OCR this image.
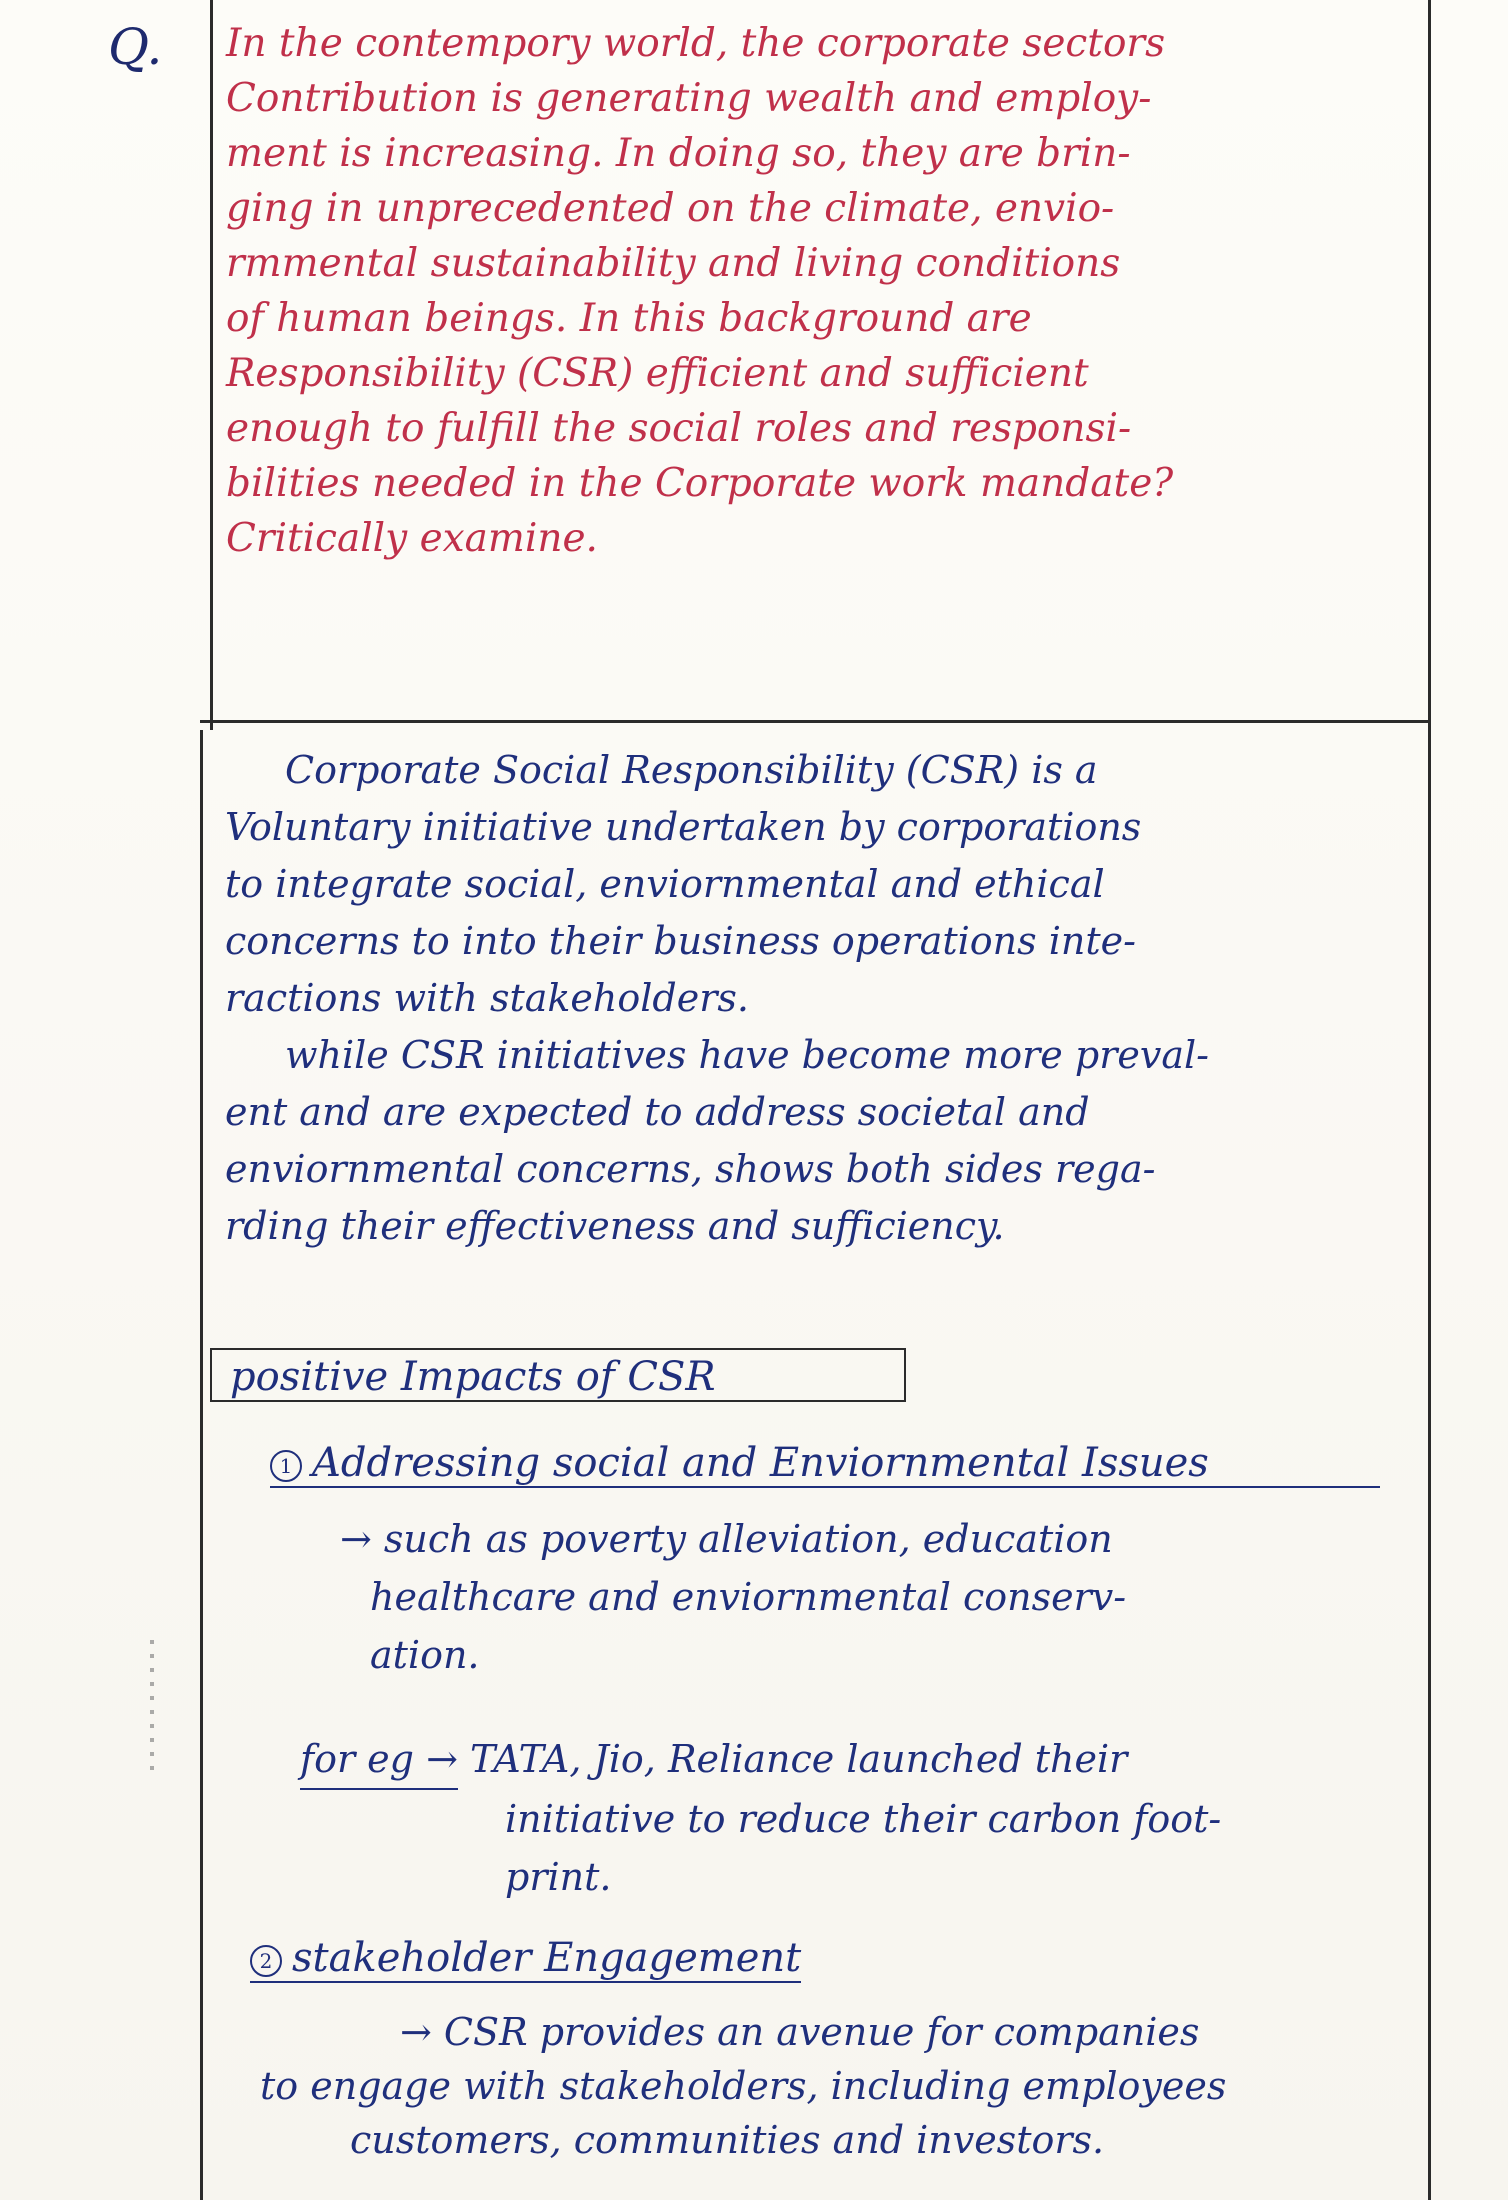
Q. In the contempory world, the corporate sectors
Contribution is generating wealth and employ-
ment is increasing. In doing so, they are brin-
ging in unprecedented on the climate, envio-
rmmental sustainability and living conditions
of human beings. In this background are
Responsibility (CSR) efficient and sufficient
enough to fulfill the social roles and responsi-
bilities needed in the Corporate work mandate?
Critically examine.
Corporate Social Responsibility (CSR) is a
Voluntary initiative undertaken by corporations
to integrate social, enviornmental and ethical
concerns to into their business operations inte-
ractions with stakeholders.
while CSR initiatives have become more preval-
ent and are expected to address societal and
enviornmental concerns, shows both sides rega-
rding their effectiveness and sufficiency.
positive Impacts of CSR
1 Addressing social and Enviornmental Issues
→ such as poverty alleviation, education
healthcare and enviornmental conserv-
ation.
for eg → TATA, Jio, Reliance launched their
initiative to reduce their carbon foot-
print.
2 stakeholder Engagement
→ CSR provides an avenue for companies
to engage with stakeholders, including employees
customers, communities and investors.
